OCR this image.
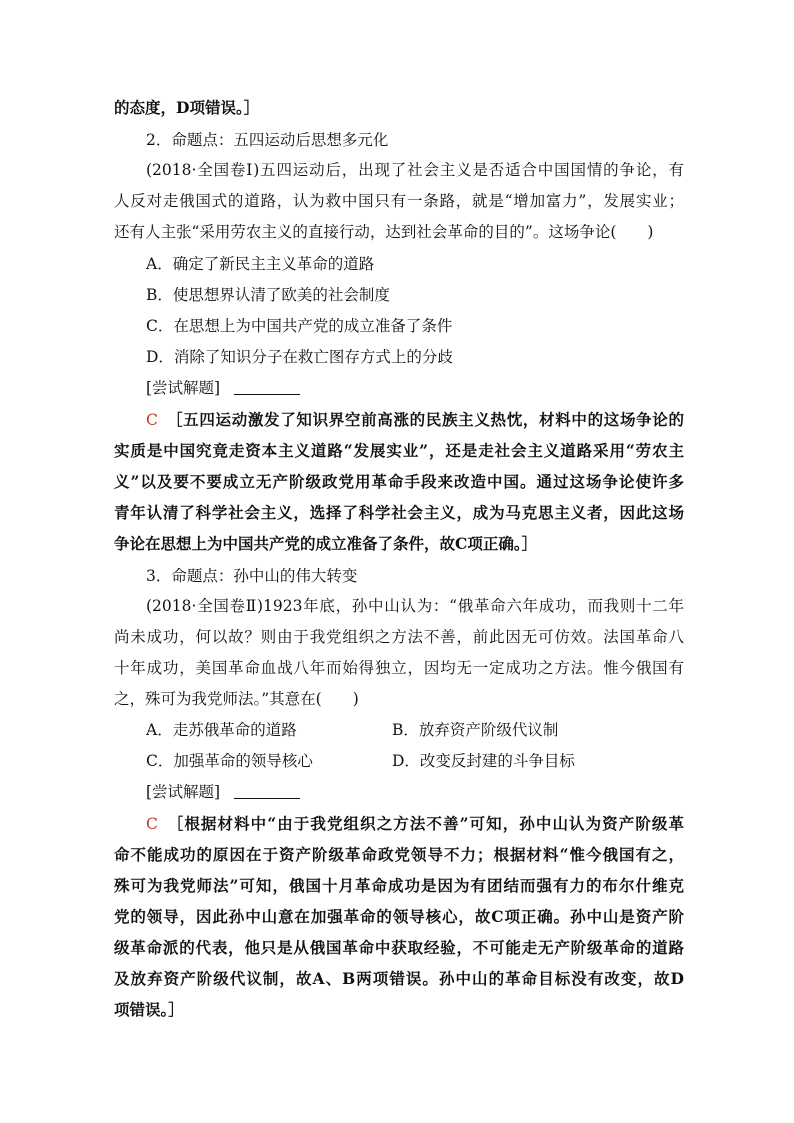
的态度，D项错误。］
2．命题点：五四运动后思想多元化
(2018·全国卷Ⅰ)五四运动后，出现了社会主义是否适合中国国情的争论，有
人反对走俄国式的道路，认为救中国只有一条路，就是“增加富力”，发展实业；
还有人主张“采用劳农主义的直接行动，达到社会革命的目的”。这场争论(　　)
A．确定了新民主主义革命的道路
B．使思想界认清了欧美的社会制度
C．在思想上为中国共产党的成立准备了条件
D．消除了知识分子在救亡图存方式上的分歧
[尝试解题]
C　 ［五四运动激发了知识界空前高涨的民族主义热忱，材料中的这场争论的
实质是中国究竟走资本主义道路“发展实业”，还是走社会主义道路采用“劳农主
义”以及要不要成立无产阶级政党用革命手段来改造中国。通过这场争论使许多
青年认清了科学社会主义，选择了科学社会主义，成为马克思主义者，因此这场
争论在思想上为中国共产党的成立准备了条件，故C项正确。］
3．命题点：孙中山的伟大转变
(2018·全国卷Ⅱ)1923年底，孙中山认为：“俄革命六年成功，而我则十二年
尚未成功，何以故？则由于我党组织之方法不善，前此因无可仿效。法国革命八
十年成功，美国革命血战八年而始得独立，因均无一定成功之方法。惟今俄国有
之，殊可为我党师法。”其意在(　　)
A．走苏俄革命的道路	B．放弃资产阶级代议制
C．加强革命的领导核心	D．改变反封建的斗争目标
[尝试解题]
C　 ［根据材料中“由于我党组织之方法不善”可知，孙中山认为资产阶级革
命不能成功的原因在于资产阶级革命政党领导不力；根据材料“惟今俄国有之，
殊可为我党师法”可知，俄国十月革命成功是因为有团结而强有力的布尔什维克
党的领导，因此孙中山意在加强革命的领导核心，故C项正确。孙中山是资产阶
级革命派的代表，他只是从俄国革命中获取经验，不可能走无产阶级革命的道路
及放弃资产阶级代议制，故A、B两项错误。孙中山的革命目标没有改变，故D
项错误。］
